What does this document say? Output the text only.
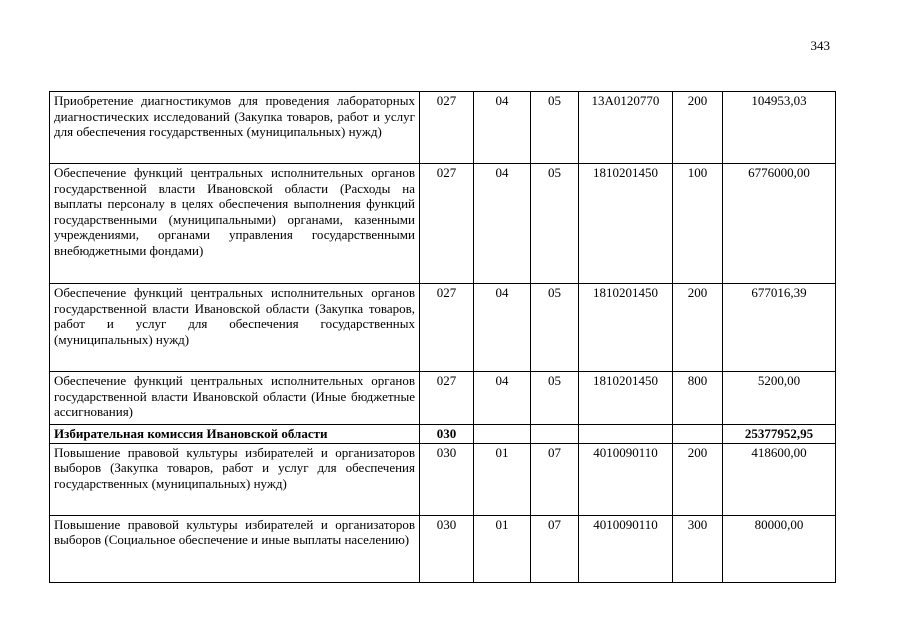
343
Приобретение диагностикумов для проведения лабораторных диагностических исследований (Закупка товаров, работ и услуг для обеспечения государственных (муниципальных) нужд)	027	04	05	13А0120770	200	104953,03
Обеспечение функций центральных исполнительных органов государственной власти Ивановской области (Расходы на выплаты персоналу в целях обеспечения выполнения функций государственными (муниципальными) органами, казенными учреждениями, органами управления государственными внебюджетными фондами)	027	04	05	1810201450	100	6776000,00
Обеспечение функций центральных исполнительных органов государственной власти Ивановской области (Закупка товаров, работ и услуг для обеспечения государственных (муниципальных) нужд)	027	04	05	1810201450	200	677016,39
Обеспечение функций центральных исполнительных органов государственной власти Ивановской области (Иные бюджетные ассигнования)	027	04	05	1810201450	800	5200,00
Избирательная комиссия Ивановской области	030					25377952,95
Повышение правовой культуры избирателей и организаторов выборов (Закупка товаров, работ и услуг для обеспечения государственных (муниципальных) нужд)	030	01	07	4010090110	200	418600,00
Повышение правовой культуры избирателей и организаторов выборов (Социальное обеспечение и иные выплаты населению)	030	01	07	4010090110	300	80000,00
